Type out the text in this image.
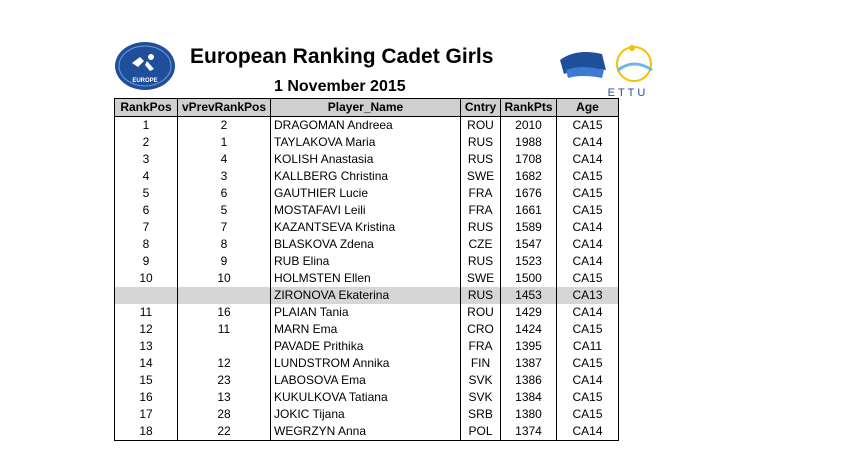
EUROPE
European Ranking Cadet Girls
1 November 2015	ETTU
RankPos	vPrevRankPos	Player_Name	Cntry	RankPts	Age
1	2	DRAGOMAN Andreea	ROU	2010	CA15
2	1	TAYLAKOVA Maria	RUS	1988	CA14
3	4	KOLISH Anastasia	RUS	1708	CA14
4	3	KALLBERG Christina	SWE	1682	CA15
5	6	GAUTHIER Lucie	FRA	1676	CA15
6	5	MOSTAFAVI Leili	FRA	1661	CA15
7	7	KAZANTSEVA Kristina	RUS	1589	CA14
8	8	BLASKOVA Zdena	CZE	1547	CA14
9	9	RUB Elina	RUS	1523	CA14
10	10	HOLMSTEN Ellen	SWE	1500	CA15
		ZIRONOVA Ekaterina	RUS	1453	CA13
11	16	PLAIAN Tania	ROU	1429	CA14
12	11	MARN Ema	CRO	1424	CA15
13		PAVADE Prithika	FRA	1395	CA11
14	12	LUNDSTROM Annika	FIN	1387	CA15
15	23	LABOSOVA Ema	SVK	1386	CA14
16	13	KUKULKOVA Tatiana	SVK	1384	CA15
17	28	JOKIC Tijana	SRB	1380	CA15
18	22	WEGRZYN Anna	POL	1374	CA14
